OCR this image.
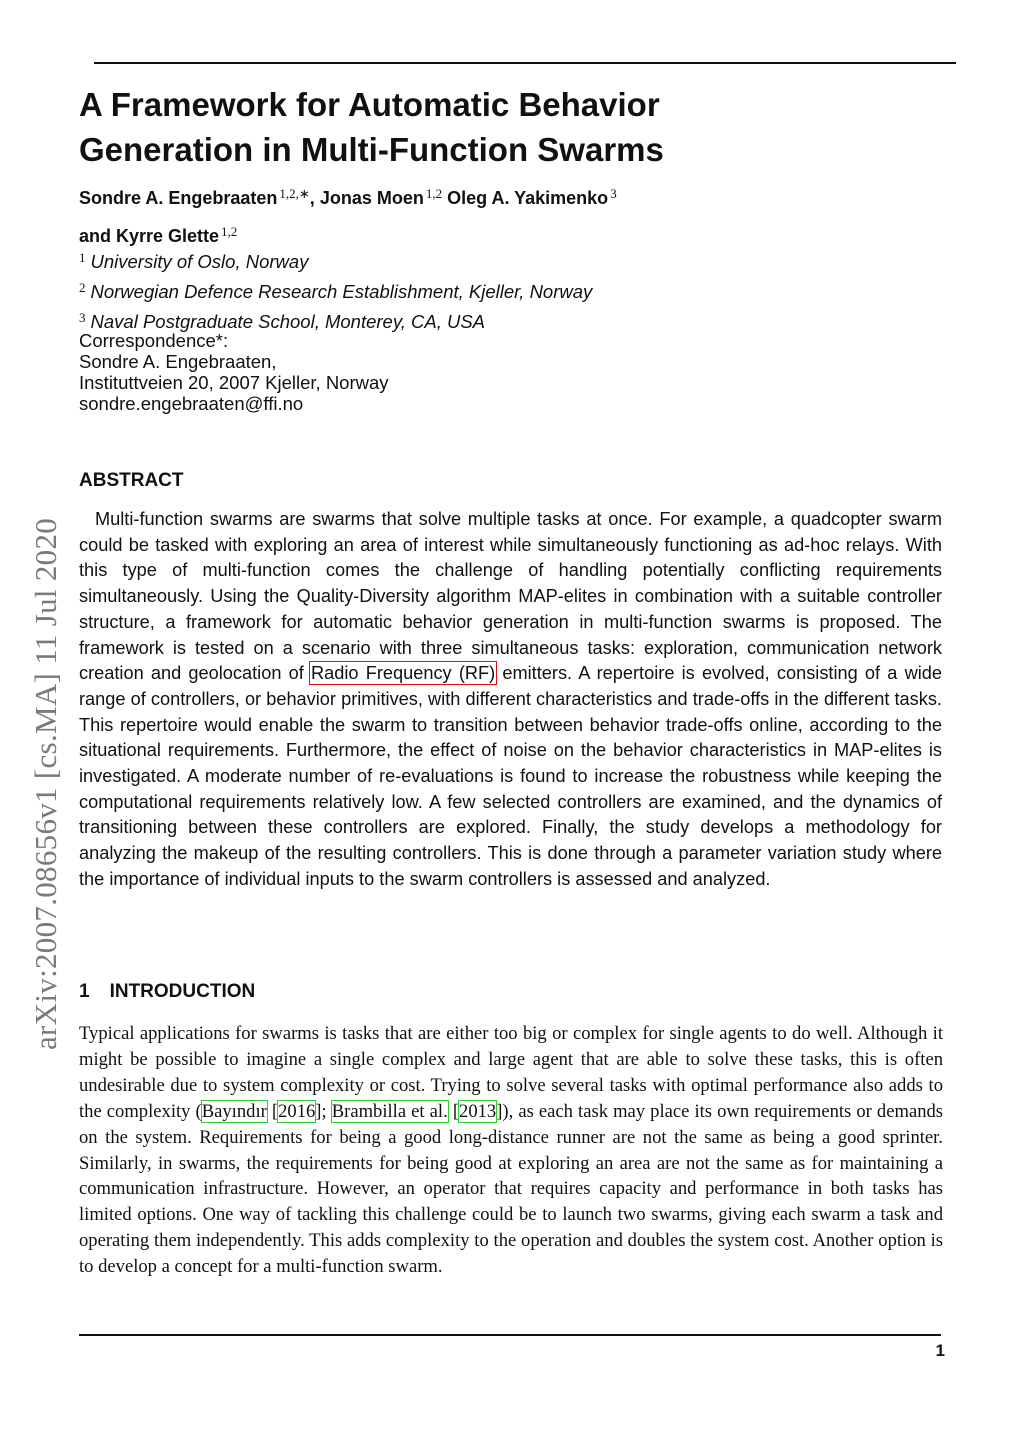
arXiv:2007.08656v1 [cs.MA] 11 Jul 2020
A Framework for Automatic Behavior
Generation in Multi-Function Swarms
Sondre A. Engebraaten $^{1,2,∗}$, Jonas Moen $^{1,2}$ Oleg A. Yakimenko $^3$
and Kyrre Glette $^{1,2}$
$^1$ University of Oslo, Norway
$^2$ Norwegian Defence Research Establishment, Kjeller, Norway
$^3$ Naval Postgraduate School, Monterey, CA, USA
Correspondence*:
Sondre A. Engebraaten,
Instituttveien 20, 2007 Kjeller, Norway
sondre.engebraaten@ffi.no
ABSTRACT

Multi-function swarms are swarms that solve multiple tasks at once. For example, a quadcopter swarm could be tasked with exploring an area of interest while simultaneously functioning as ad-hoc relays. With this type of multi-function comes the challenge of handling potentially conflicting requirements simultaneously. Using the Quality-Diversity algorithm MAP-elites in combination with a suitable controller structure, a framework for automatic behavior generation in multi-function swarms is proposed. The framework is tested on a scenario with three simultaneous tasks: exploration, communication network creation and geolocation of Radio Frequency (RF) emitters. A repertoire is evolved, consisting of a wide range of controllers, or behavior primitives, with different characteristics and trade-offs in the different tasks. This repertoire would enable the swarm to transition between behavior trade-offs online, according to the situational requirements. Furthermore, the effect of noise on the behavior characteristics in MAP-elites is investigated. A moderate number of re-evaluations is found to increase the robustness while keeping the computational requirements relatively low. A few selected controllers are examined, and the dynamics of transitioning between these controllers are explored. Finally, the study develops a methodology for analyzing the makeup of the resulting controllers. This is done through a parameter variation study where the importance of individual inputs to the swarm controllers is assessed and analyzed.

1 INTRODUCTION

Typical applications for swarms is tasks that are either too big or complex for single agents to do well. Although it might be possible to imagine a single complex and large agent that are able to solve these tasks, this is often undesirable due to system complexity or cost. Trying to solve several tasks with optimal performance also adds to the complexity (Bayındır [2016]; Brambilla et al. [2013]), as each task may place its own requirements or demands on the system. Requirements for being a good long-distance runner are not the same as being a good sprinter. Similarly, in swarms, the requirements for being good at exploring an area are not the same as for maintaining a communication infrastructure. However, an operator that requires capacity and performance in both tasks has limited options. One way of tackling this challenge could be to launch two swarms, giving each swarm a task and operating them independently. This adds complexity to the operation and doubles the system cost. Another option is to develop a concept for a multi-function swarm.

1
